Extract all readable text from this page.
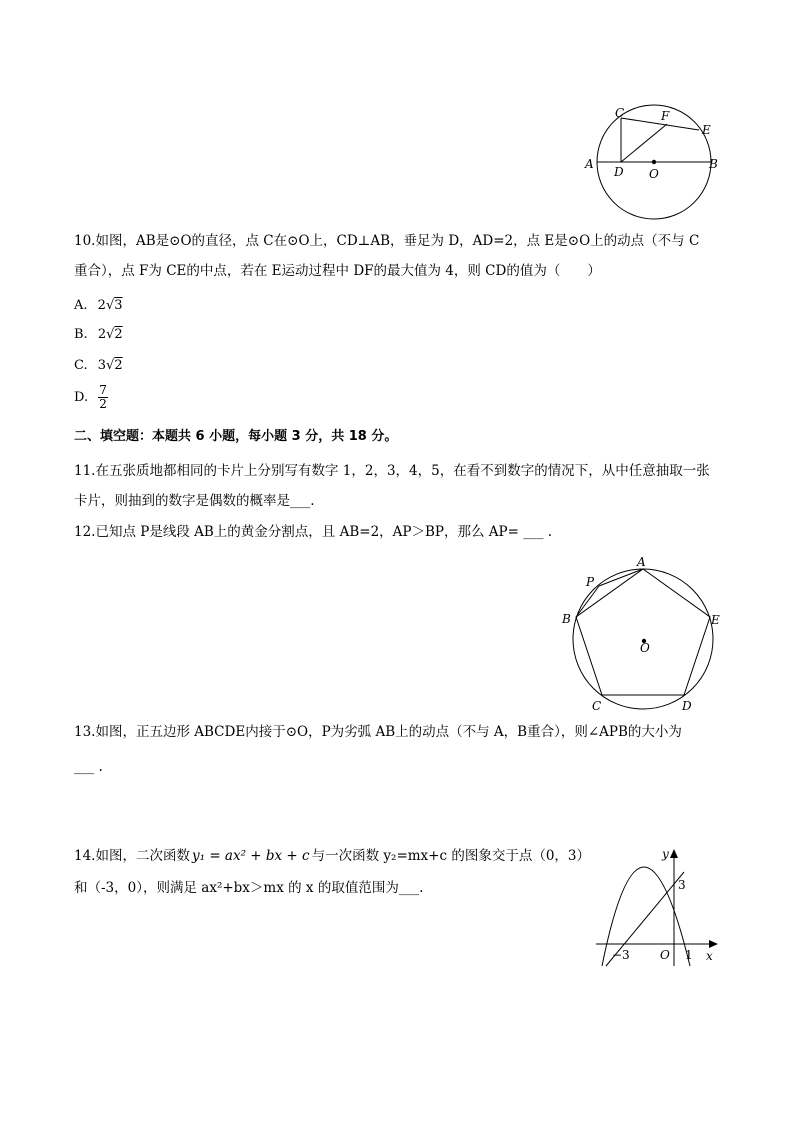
C	F
E
A	B
D O
10.如图，AB是⊙O的直径，点 C在⊙O上，CD⊥AB，垂足为 D，AD=2，点 E是⊙O上的动点（不与 C
重合），点 F为 CE的中点，若在 E运动过程中 DF的最大值为 4，则 CD的值为（　　）
A. 2√3
B. 2√2
C. 3√2
D. $\frac{7}{2}$
二、填空题：本题共 6 小题，每小题 3 分，共 18 分。
11.在五张质地都相同的卡片上分别写有数字 1，2，3，4，5，在看不到数字的情况下，从中任意抽取一张
卡片，则抽到的数字是偶数的概率是___.
12.已知点 P是线段 AB上的黄金分割点，且 AB=2，AP＞BP，那么 AP= ___ .
A
P
B	E
O
C	D
13.如图，正五边形 ABCDE内接于⊙O，P为劣弧 AB上的动点（不与 A，B重合），则∠APB的大小为
___ .
14.如图，二次函数 y₁ = ax² + bx + c 与一次函数 y₂=mx+c 的图象交于点（0，3）
和（-3，0），则满足 ax²+bx＞mx 的 x 的取值范围为___.
y
3
−3	O 1 x
